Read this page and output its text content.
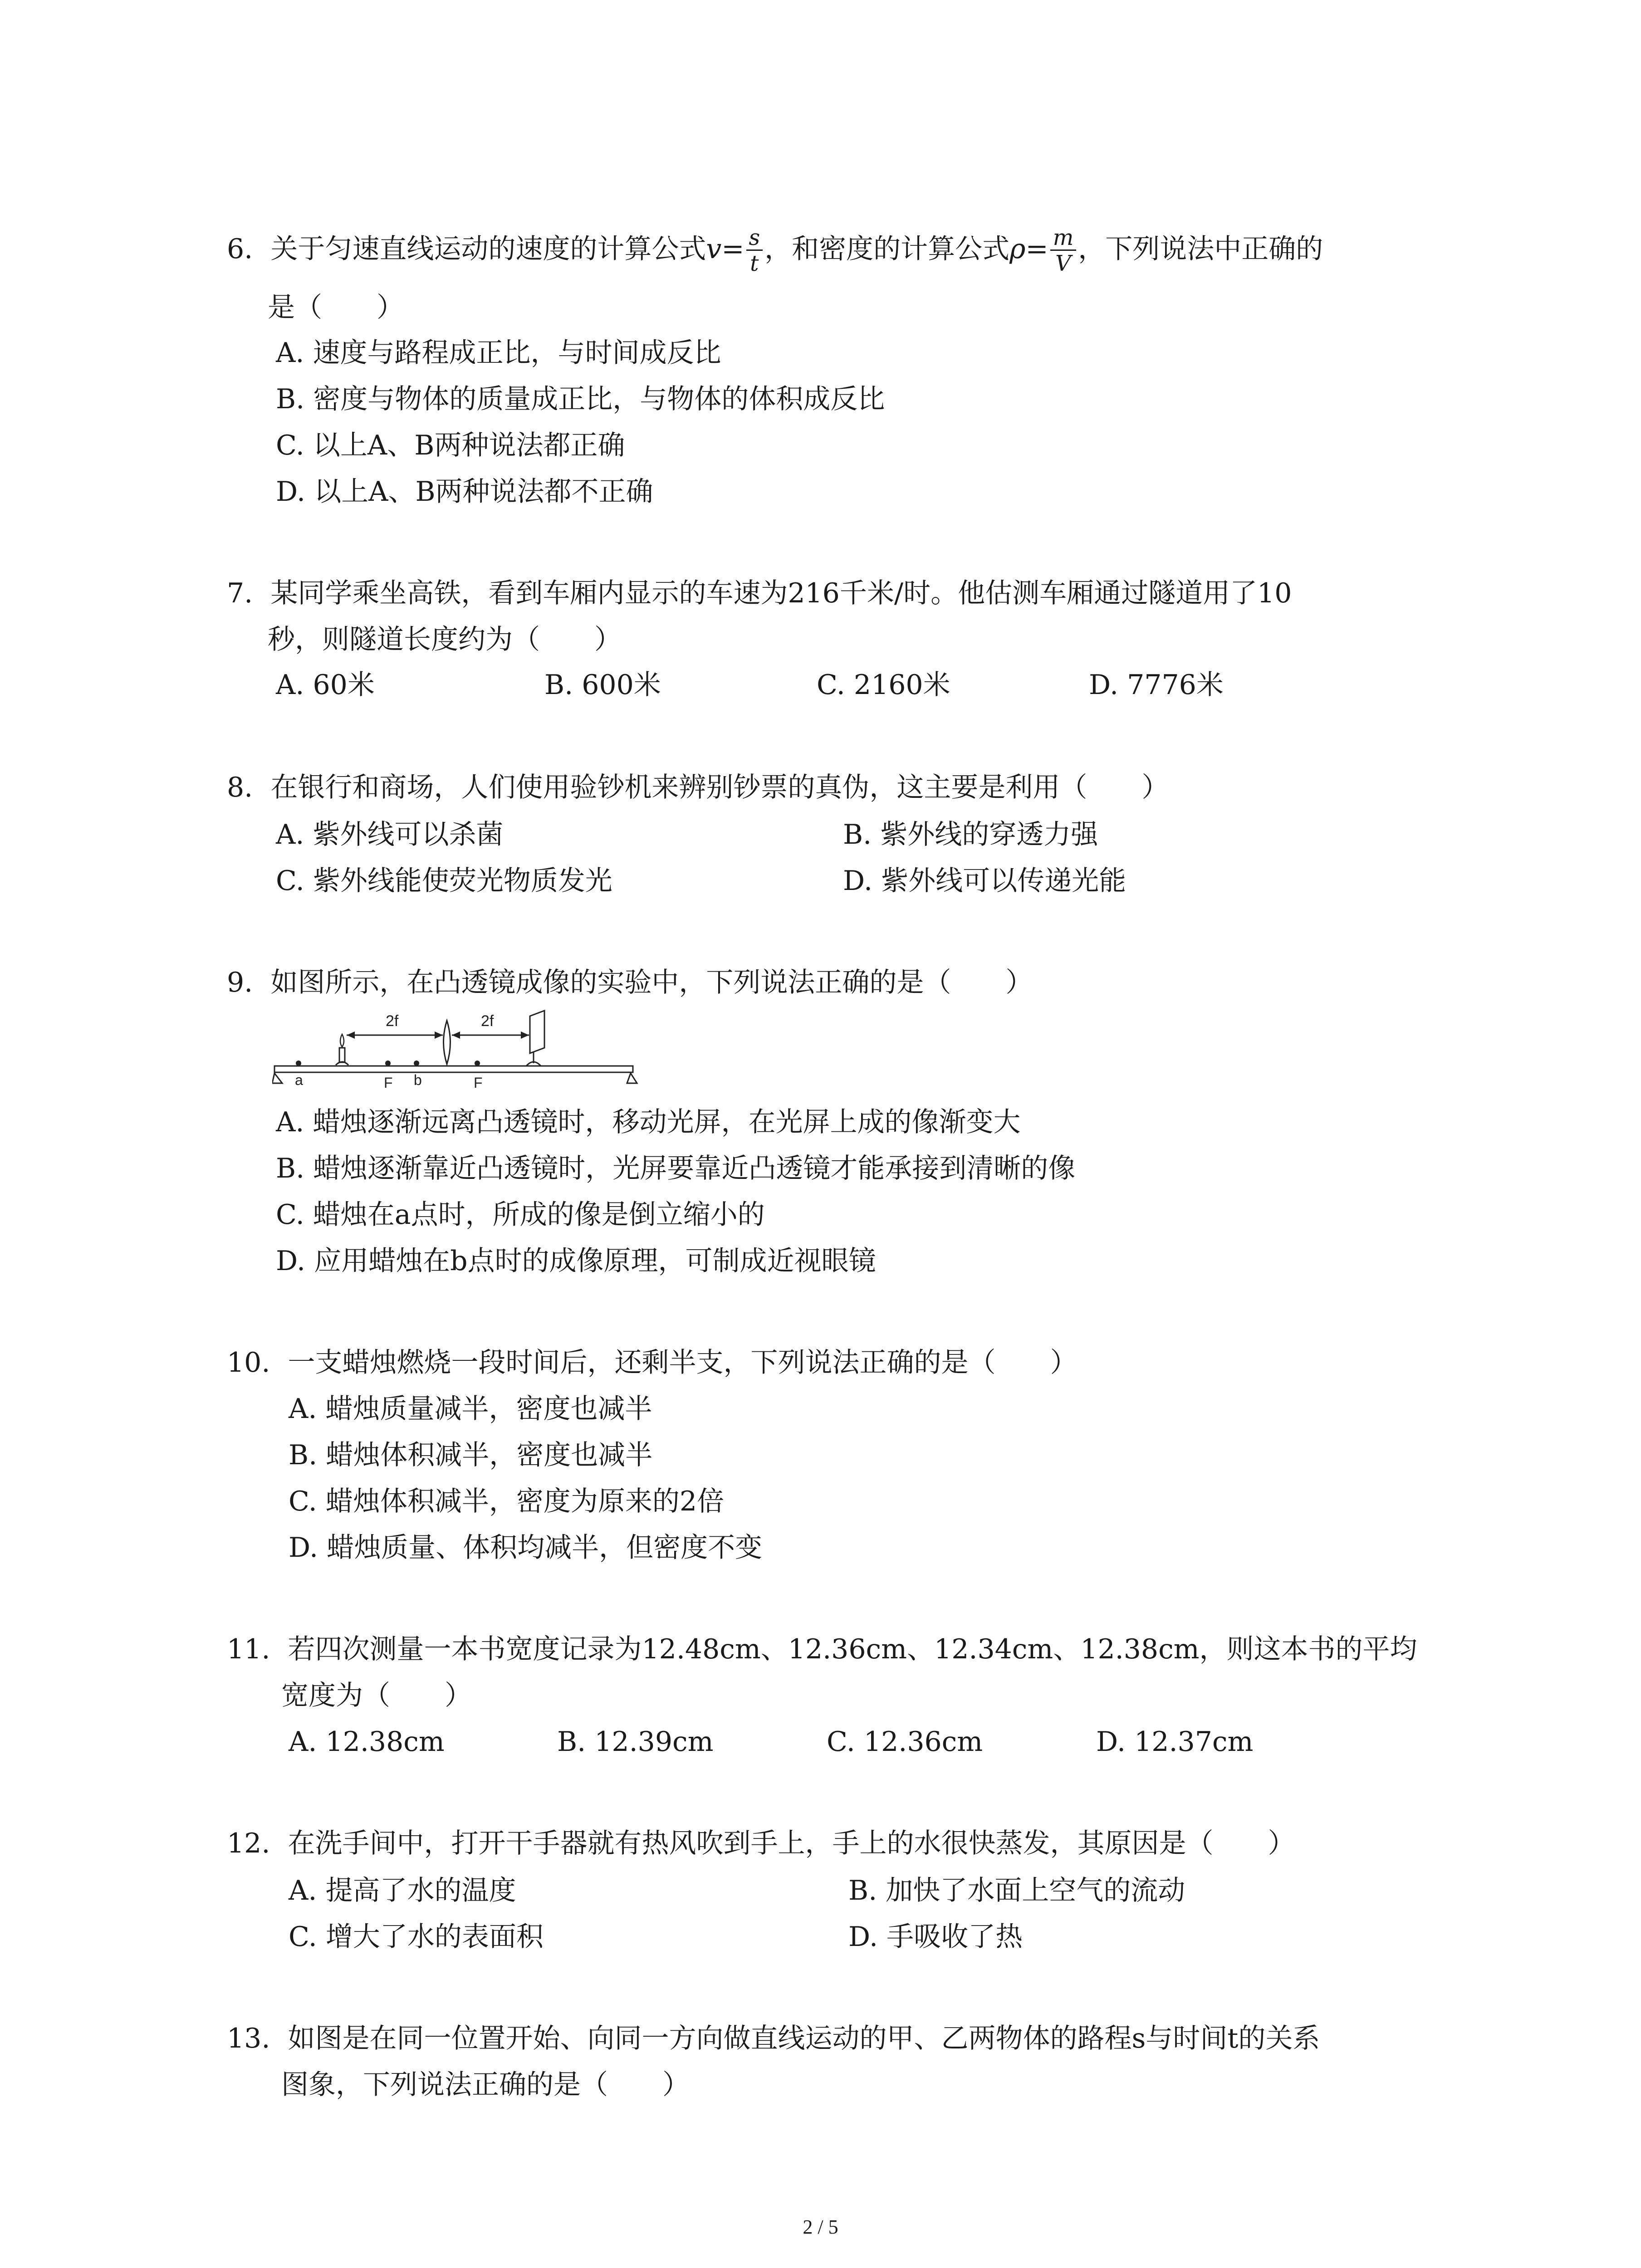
6. 关于匀速直线运动的速度的计算公式$v= \frac{s}{t}$ ，和密度的计算公式$\rho= \frac{m}{V}$ ，下列说法中正确的
是（　　）
A. 速度与路程成正比，与时间成反比
B. 密度与物体的质量成正比，与物体的体积成反比
C. 以上A、B两种说法都正确
D. 以上A、B两种说法都不正确
7. 某同学乘坐高铁，看到车厢内显示的车速为216千米/时。他估测车厢通过隧道用了10
秒，则隧道长度约为（　　）
A. 60米	B. 600米	C. 2160米	D. 7776米
8. 在银行和商场，人们使用验钞机来辨别钞票的真伪，这主要是利用（　　）
A. 紫外线可以杀菌	B. 紫外线的穿透力强
C. 紫外线能使荧光物质发光	D. 紫外线可以传递光能
9. 如图所示，在凸透镜成像的实验中，下列说法正确的是（　　）
2f	2f
a	F b	F
A. 蜡烛逐渐远离凸透镜时，移动光屏，在光屏上成的像渐变大
B. 蜡烛逐渐靠近凸透镜时，光屏要靠近凸透镜才能承接到清晰的像
C. 蜡烛在a点时，所成的像是倒立缩小的
D. 应用蜡烛在b点时的成像原理，可制成近视眼镜
10. 一支蜡烛燃烧一段时间后，还剩半支，下列说法正确的是（　　）
A. 蜡烛质量减半，密度也减半
B. 蜡烛体积减半，密度也减半
C. 蜡烛体积减半，密度为原来的2倍
D. 蜡烛质量、体积均减半，但密度不变
11. 若四次测量一本书宽度记录为12.48cm、12.36cm、12.34cm、12.38cm，则这本书的平均
宽度为（　　）
A. 12.38cm	B. 12.39cm	C. 12.36cm	D. 12.37cm
12. 在洗手间中，打开干手器就有热风吹到手上，手上的水很快蒸发，其原因是（　　）
A. 提高了水的温度	B. 加快了水面上空气的流动
C. 增大了水的表面积	D. 手吸收了热
13. 如图是在同一位置开始、向同一方向做直线运动的甲、乙两物体的路程s与时间t的关系
图象，下列说法正确的是（　　）
2 / 5
